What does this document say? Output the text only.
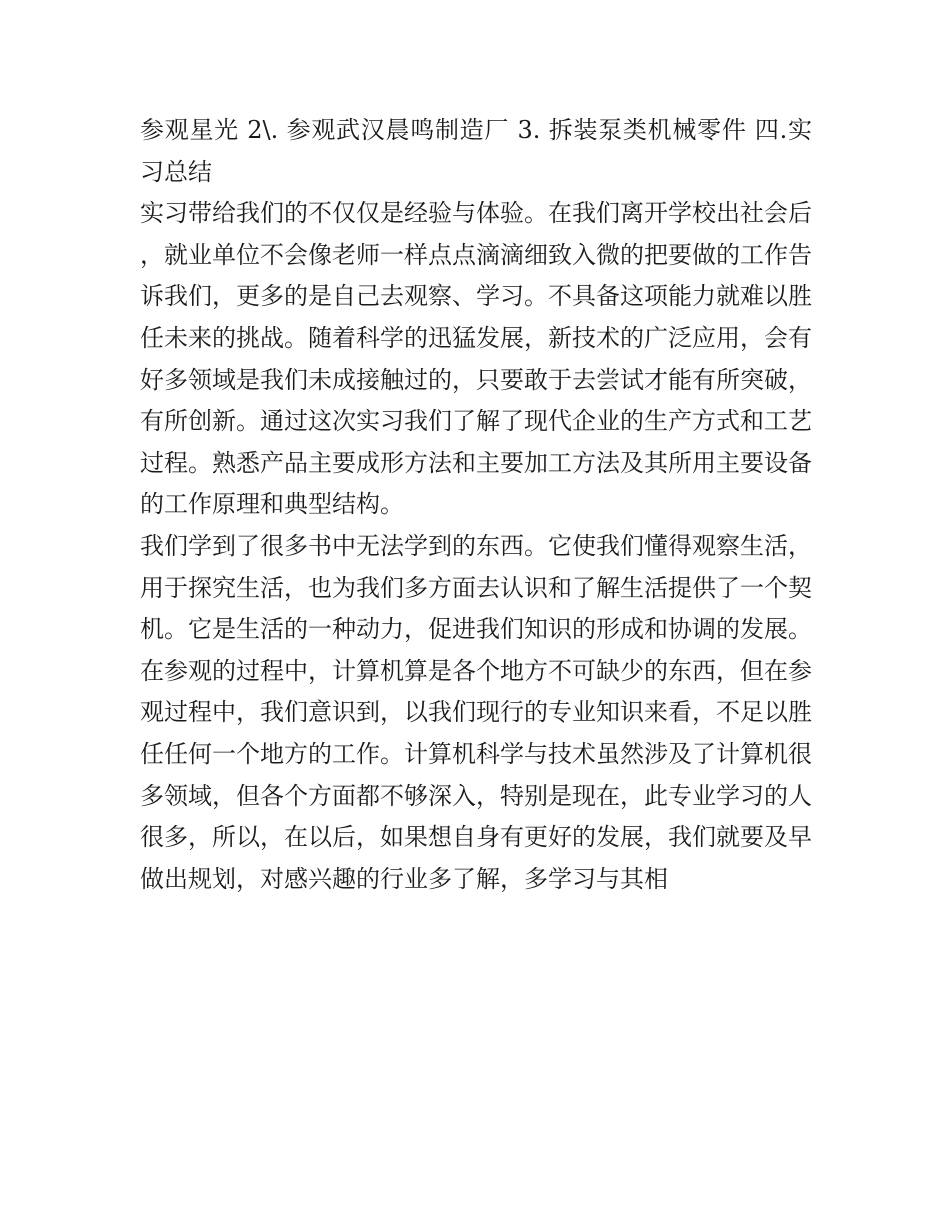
参观星光 2\. 参观武汉晨鸣制造厂 3. 拆装泵类机械零件 四.实习总结

实习带给我们的不仅仅是经验与体验。在我们离开学校出社会后，就业单位不会像老师一样点点滴滴细致入微的把要做的工作告诉我们，更多的是自己去观察、学习。不具备这项能力就难以胜任未来的挑战。随着科学的迅猛发展，新技术的广泛应用，会有好多领域是我们未成接触过的，只要敢于去尝试才能有所突破，有所创新。通过这次实习我们了解了现代企业的生产方式和工艺过程。熟悉产品主要成形方法和主要加工方法及其所用主要设备的工作原理和典型结构。

我们学到了很多书中无法学到的东西。它使我们懂得观察生活，用于探究生活，也为我们多方面去认识和了解生活提供了一个契机。它是生活的一种动力，促进我们知识的形成和协调的发展。

在参观的过程中，计算机算是各个地方不可缺少的东西，但在参观过程中，我们意识到，以我们现行的专业知识来看，不足以胜任任何一个地方的工作。计算机科学与技术虽然涉及了计算机很多领域，但各个方面都不够深入，特别是现在，此专业学习的人很多，所以，在以后，如果想自身有更好的发展，我们就要及早做出规划，对感兴趣的行业多了解，多学习与其相
